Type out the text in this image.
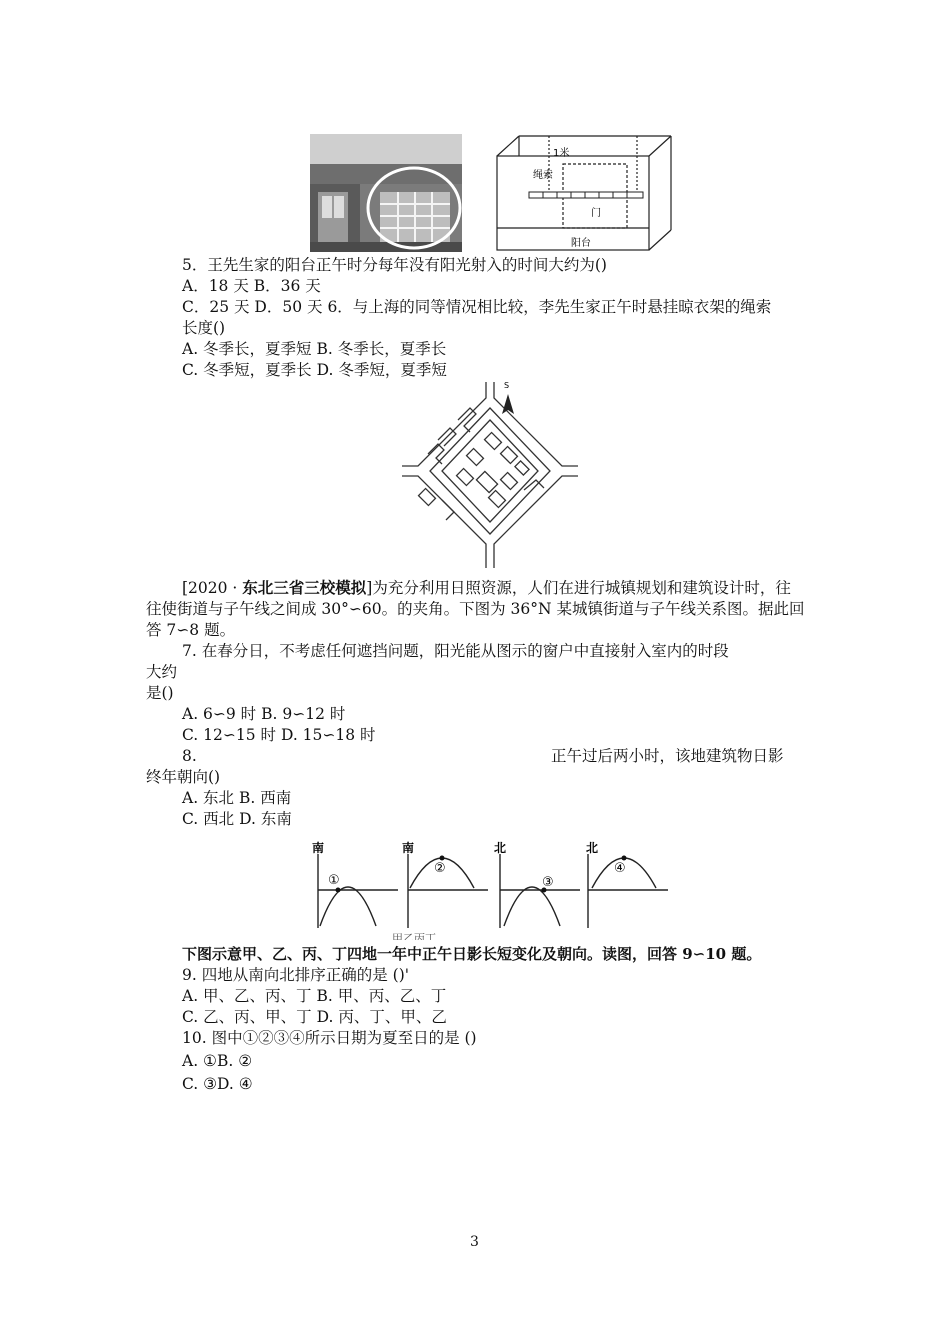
1米
绳索
门
阳台
5．王先生家的阳台正午时分每年没有阳光射入的时间大约为()
A．18 天 B．36 天
C．25 天 D．50 天 6．与上海的同等情况相比较，李先生家正午时悬挂晾衣架的绳索
长度()
A. 冬季长，夏季短 B. 冬季长，夏季长
C. 冬季短，夏季长 D. 冬季短，夏季短
S
[2020 · 东北三省三校模拟]为充分利用日照资源，人们在进行城镇规划和建筑设计时，往
往使街道与子午线之间成 30°∽60。的夹角。下图为 36°N 某城镇街道与子午线关系图。据此回
答 7∽8 题。
7. 在春分日，不考虑任何遮挡问题，阳光能从图示的窗户中直接射入室内的时段
大约
是()
A. 6∽9 时 B. 9∽12 时
C. 12∽15 时 D. 15∽18 时
8.	正午过后两小时，该地建筑物日影
终年朝向()
A. 东北 B. 西南
C. 西北 D. 东南
南
①
南
②
北
③
北
④
甲乙丙丁
下图示意甲、乙、丙、丁四地一年中正午日影长短变化及朝向。读图，回答 9∽10 题。
9. 四地从南向北排序正确的是 ()'
A. 甲、乙、丙、丁 B. 甲、丙、乙、丁
C. 乙、丙、甲、丁 D. 丙、丁、甲、乙
10. 图中①②③④所示日期为夏至日的是 ()
A. ①B. ②
C. ③D. ④
3
